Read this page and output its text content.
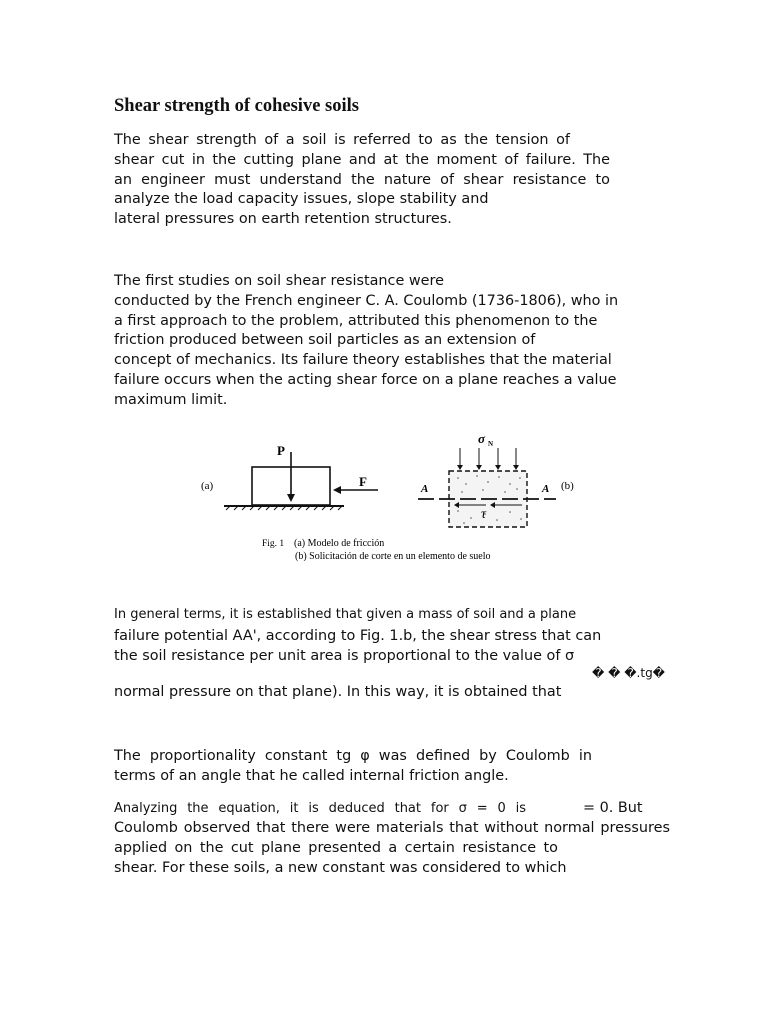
Shear strength of cohesive soils
The shear strength of a soil is referred to as the tension of
shear cut in the cutting plane and at the moment of failure. The
an engineer must understand the nature of shear resistance to
analyze the load capacity issues, slope stability and
lateral pressures on earth retention structures.
The first studies on soil shear resistance were
conducted by the French engineer C. A. Coulomb (1736-1806), who in
a first approach to the problem, attributed this phenomenon to the
friction produced between soil particles as an extension of
concept of mechanics. Its failure theory establishes that the material
failure occurs when the acting shear force on a plane reaches a value
maximum limit.
(a)
P
F
σ N
A	A (b)
τ
Fig. 1 (a) Modelo de fricción
(b) Solicitación de corte en un elemento de suelo
In general terms, it is established that given a mass of soil and a plane
failure potential AA', according to Fig. 1.b, the shear stress that can
the soil resistance per unit area is proportional to the value of σ
� � �.tg�
normal pressure on that plane). In this way, it is obtained that
The proportionality constant tg φ was defined by Coulomb in
terms of an angle that he called internal friction angle.
Analyzing the equation, it is deduced that for σ = 0 is	= 0. But
Coulomb observed that there were materials that without normal pressures
applied on the cut plane presented a certain resistance to
shear. For these soils, a new constant was considered to which
